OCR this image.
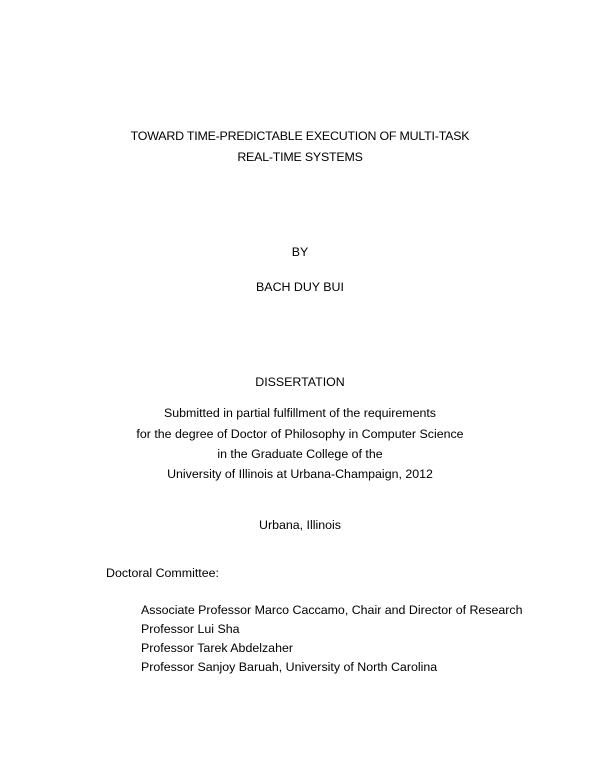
TOWARD TIME-PREDICTABLE EXECUTION OF MULTI-TASK
REAL-TIME SYSTEMS
BY
BACH DUY BUI
DISSERTATION
Submitted in partial fulfillment of the requirements
for the degree of Doctor of Philosophy in Computer Science
in the Graduate College of the
University of Illinois at Urbana-Champaign, 2012
Urbana, Illinois
Doctoral Committee:
Associate Professor Marco Caccamo, Chair and Director of Research
Professor Lui Sha
Professor Tarek Abdelzaher
Professor Sanjoy Baruah, University of North Carolina
